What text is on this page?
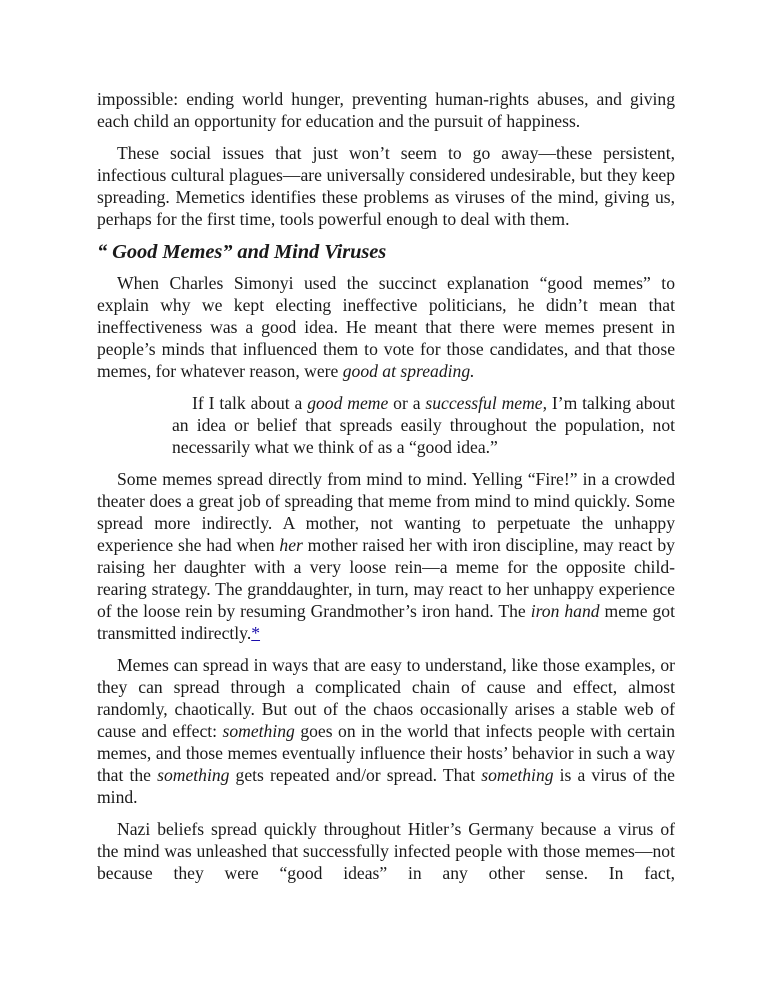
impossible: ending world hunger, preventing human-rights abuses, and giving each child an opportunity for education and the pursuit of happiness.

These social issues that just won’t seem to go away—these persistent, infectious cultural plagues—are universally considered undesirable, but they keep spreading. Memetics identifies these problems as viruses of the mind, giving us, perhaps for the first time, tools powerful enough to deal with them.

“ Good Memes” and Mind Viruses

When Charles Simonyi used the succinct explanation “good memes” to explain why we kept electing ineffective politicians, he didn’t mean that ineffectiveness was a good idea. He meant that there were memes present in people’s minds that influenced them to vote for those candidates, and that those memes, for whatever reason, were good at spreading.

If I talk about a good meme or a successful meme, I’m talking about an idea or belief that spreads easily throughout the population, not necessarily what we think of as a “good idea.”

Some memes spread directly from mind to mind. Yelling “Fire!” in a crowded theater does a great job of spreading that meme from mind to mind quickly. Some spread more indirectly. A mother, not wanting to perpetuate the unhappy experience she had when her mother raised her with iron discipline, may react by raising her daughter with a very loose rein—a meme for the opposite child-rearing strategy. The granddaughter, in turn, may react to her unhappy experience of the loose rein by resuming Grandmother’s iron hand. The iron hand meme got transmitted indirectly.*

Memes can spread in ways that are easy to understand, like those examples, or they can spread through a complicated chain of cause and effect, almost randomly, chaotically. But out of the chaos occasionally arises a stable web of cause and effect: something goes on in the world that infects people with certain memes, and those memes eventually influence their hosts’ behavior in such a way that the something gets repeated and/or spread. That something is a virus of the mind.

Nazi beliefs spread quickly throughout Hitler’s Germany because a virus of the mind was unleashed that successfully infected people with those memes—not because they were “good ideas” in any other sense. In fact,
